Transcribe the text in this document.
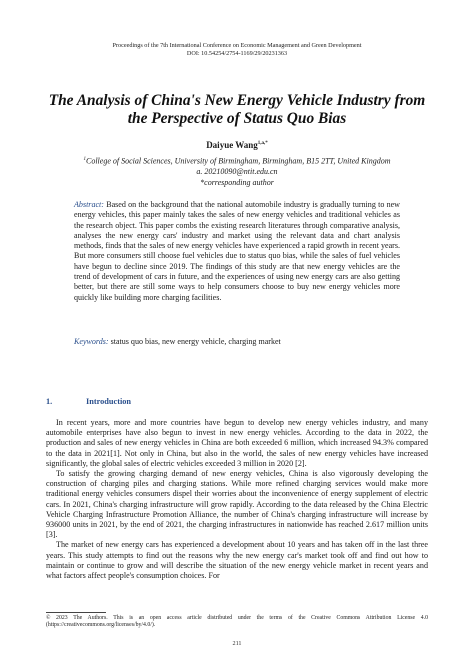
Proceedings of the 7th International Conference on Economic Management and Green Development
DOI: 10.54254/2754-1169/29/20231363
The Analysis of China's New Energy Vehicle Industry from
the Perspective of Status Quo Bias
Daiyue Wang$^{1,a,*}$
$^1$College of Social Sciences, University of Birmingham, Birmingham, B15 2TT, United Kingdom
a. 20210090@ntit.edu.cn
*corresponding author
Abstract: Based on the background that the national automobile industry is gradually turning to new energy vehicles, this paper mainly takes the sales of new energy vehicles and traditional vehicles as the research object. This paper combs the existing research literatures through comparative analysis, analyses the new energy cars' industry and market using the relevant data and chart analysis methods, finds that the sales of new energy vehicles have experienced a rapid growth in recent years. But more consumers still choose fuel vehicles due to status quo bias, while the sales of fuel vehicles have begun to decline since 2019. The findings of this study are that new energy vehicles are the trend of development of cars in future, and the experiences of using new energy cars are also getting better, but there are still some ways to help consumers choose to buy new energy vehicles more quickly like building more charging facilities.
Keywords: status quo bias, new energy vehicle, charging market
1.	Introduction

In recent years, more and more countries have begun to develop new energy vehicles industry, and many automobile enterprises have also begun to invest in new energy vehicles. According to the data in 2022, the production and sales of new energy vehicles in China are both exceeded 6 million, which increased 94.3% compared to the data in 2021[1]. Not only in China, but also in the world, the sales of new energy vehicles have increased significantly, the global sales of electric vehicles exceeded 3 million in 2020 [2].

To satisfy the growing charging demand of new energy vehicles, China is also vigorously developing the construction of charging piles and charging stations. While more refined charging services would make more traditional energy vehicles consumers dispel their worries about the inconvenience of energy supplement of electric cars. In 2021, China's charging infrastructure will grow rapidly. According to the data released by the China Electric Vehicle Charging Infrastructure Promotion Alliance, the number of China's charging infrastructure will increase by 936000 units in 2021, by the end of 2021, the charging infrastructures in nationwide has reached 2.617 million units [3].

The market of new energy cars has experienced a development about 10 years and has taken off in the last three years. This study attempts to find out the reasons why the new energy car's market took off and find out how to maintain or continue to grow and will describe the situation of the new energy vehicle market in recent years and what factors affect people's consumption choices. For

© 2023 The Authors. This is an open access article distributed under the terms of the Creative Commons Attribution License 4.0 (https://creativecommons.org/licenses/by/4.0/).
211
